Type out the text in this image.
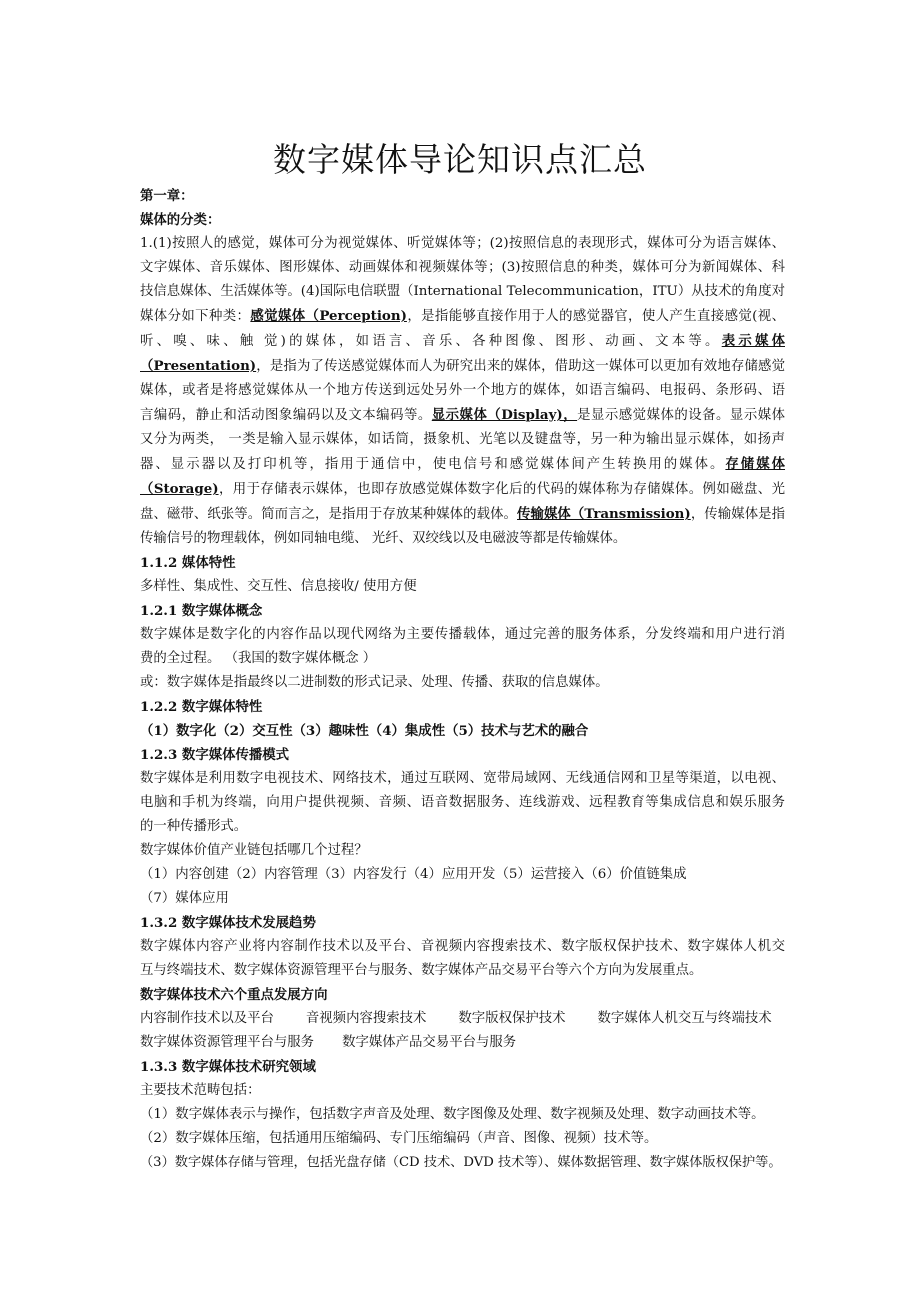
数字媒体导论知识点汇总

第一章：

媒体的分类：

1.(1)按照人的感觉，媒体可分为视觉媒体、听觉媒体等；(2)按照信息的表现形式，媒体可分为语言媒体、

文字媒体、音乐媒体、图形媒体、动画媒体和视频媒体等；(3)按照信息的种类，媒体可分为新闻媒体、科

技信息媒体、生活媒体等。(4)国际电信联盟（International Telecommunication，ITU）从技术的角度对

媒体分如下种类：感觉媒体（Perception)，是指能够直接作用于人的感觉器官，使人产生直接感觉(视、

听、嗅、味、触 觉)的媒体，如语言、音乐、各种图像、图形、动画、文本等。表示媒体

（Presentation)，是指为了传送感觉媒体而人为研究出来的媒体，借助这一媒体可以更加有效地存储感觉

媒体，或者是将感觉媒体从一个地方传送到远处另外一个地方的媒体，如语言编码、电报码、条形码、语

言编码，静止和活动图象编码以及文本编码等。显示媒体（Display)，是显示感觉媒体的设备。显示媒体

又分为两类， 一类是输入显示媒体，如话筒，摄象机、光笔以及键盘等，另一种为输出显示媒体，如扬声

器、显示器以及打印机等，指用于通信中，使电信号和感觉媒体间产生转换用的媒体。存储媒体

（Storage)，用于存储表示媒体，也即存放感觉媒体数字化后的代码的媒体称为存储媒体。例如磁盘、光

盘、磁带、纸张等。简而言之，是指用于存放某种媒体的载体。传输媒体（Transmission)，传输媒体是指

传输信号的物理载体，例如同轴电缆、 光纤、双绞线以及电磁波等都是传输媒体。

1.1.2 媒体特性

多样性、集成性、交互性、信息接收/ 使用方便

1.2.1 数字媒体概念

数字媒体是数字化的内容作品以现代网络为主要传播载体，通过完善的服务体系，分发终端和用户进行消

费的全过程。 （我国的数字媒体概念 ）

或：数字媒体是指最终以二进制数的形式记录、处理、传播、获取的信息媒体。

1.2.2 数字媒体特性

（1）数字化（2）交互性（3）趣味性（4）集成性（5）技术与艺术的融合

1.2.3 数字媒体传播模式

数字媒体是利用数字电视技术、网络技术，通过互联网、宽带局域网、无线通信网和卫星等渠道，以电视、

电脑和手机为终端，向用户提供视频、音频、语音数据服务、连线游戏、远程教育等集成信息和娱乐服务

的一种传播形式。

数字媒体价值产业链包括哪几个过程？

（1）内容创建（2）内容管理（3）内容发行（4）应用开发（5）运营接入（6）价值链集成

（7）媒体应用

1.3.2 数字媒体技术发展趋势

数字媒体内容产业将内容制作技术以及平台、音视频内容搜索技术、数字版权保护技术、数字媒体人机交

互与终端技术、数字媒体资源管理平台与服务、数字媒体产品交易平台等六个方向为发展重点。

数字媒体技术六个重点发展方向

内容制作技术以及平台 音视频内容搜索技术 数字版权保护技术 数字媒体人机交互与终端技术

数字媒体资源管理平台与服务 数字媒体产品交易平台与服务

1.3.3 数字媒体技术研究领域

主要技术范畴包括：

（1）数字媒体表示与操作，包括数字声音及处理、数字图像及处理、数字视频及处理、数字动画技术等。

（2）数字媒体压缩，包括通用压缩编码、专门压缩编码（声音、图像、视频）技术等。

（3）数字媒体存储与管理，包括光盘存储（CD 技术、DVD 技术等）、媒体数据管理、数字媒体版权保护等。
